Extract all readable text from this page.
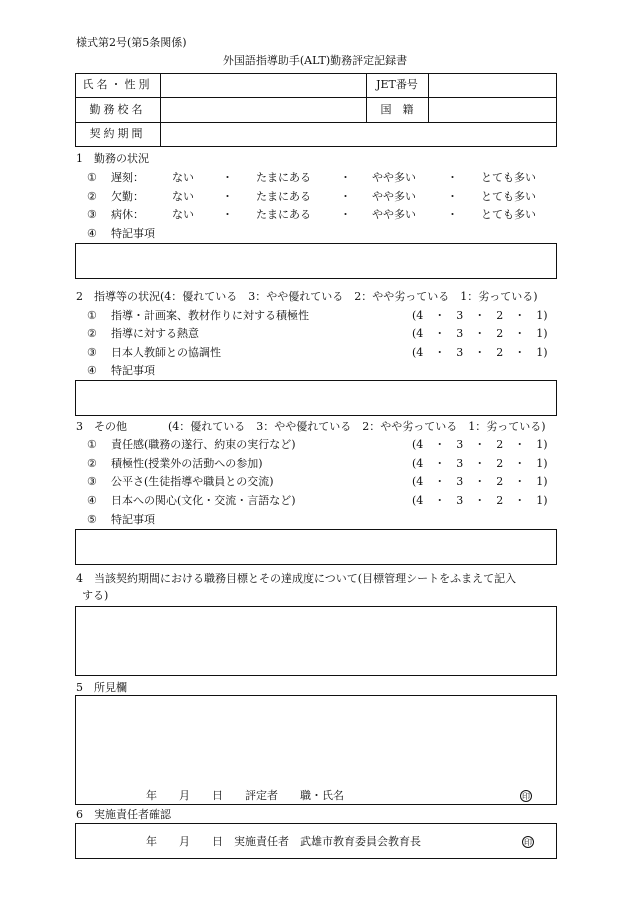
様式第2号(第5条関係)
外国語指導助手(ALT)勤務評定記録書
氏名・性別	JET番号
勤務校名	国　籍
契約期間
1　勤務の状況
① 遅刻：	ない	・ たまにある	・ やや多い	・ とても多い
② 欠勤：	ない	・ たまにある	・ やや多い	・ とても多い
③ 病休：	ない	・ たまにある	・ やや多い	・ とても多い
④ 特記事項
2　指導等の状況(4：優れている　3：やや優れている　2：やや劣っている　1：劣っている)
① 指導・計画案、教材作りに対する積極性	(4　・　3　・　2　・　1)
② 指導に対する熱意	(4　・　3　・　2　・　1)
③ 日本人教師との協調性	(4　・　3　・　2　・　1)
④ 特記事項
3　その他	(4：優れている　3：やや優れている　2：やや劣っている　1：劣っている)
① 責任感(職務の遂行、約束の実行など)	(4　・　3　・　2　・　1)
② 積極性(授業外の活動への参加)	(4　・　3　・　2　・　1)
③ 公平さ(生徒指導や職員との交流)	(4　・　3　・　2　・　1)
④ 日本への関心(文化・交流・言語など)	(4　・　3　・　2　・　1)
⑤ 特記事項
4　当該契約期間における職務目標とその達成度について(目標管理シートをふまえて記入
する)
5　所見欄
年　　月　　日　　評定者　　職・氏名	印
6　実施責任者確認
年　　月　　日　実施責任者　武雄市教育委員会教育長	印
